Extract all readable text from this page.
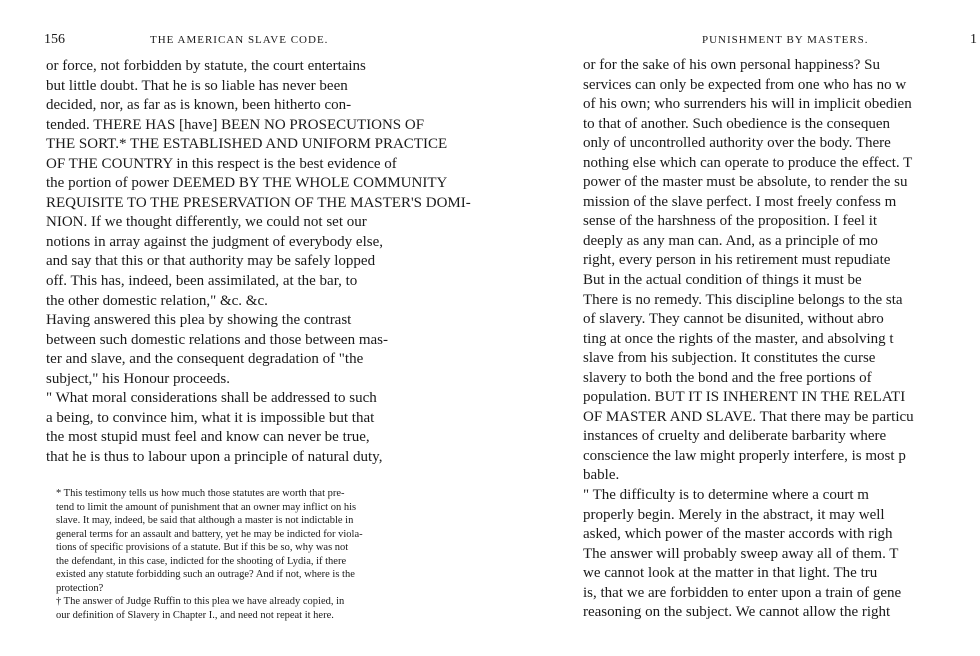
156	THE AMERICAN SLAVE CODE.
or force, not forbidden by statute, the court entertains
but little doubt. That he is so liable has never been
decided, nor, as far as is known, been hitherto con-
tended. THERE HAS [have] BEEN NO PROSECUTIONS OF
THE SORT.* THE ESTABLISHED AND UNIFORM PRACTICE
OF THE COUNTRY in this respect is the best evidence of
the portion of power DEEMED BY THE WHOLE COMMUNITY
REQUISITE TO THE PRESERVATION OF THE MASTER'S DOMI-
NION. If we thought differently, we could not set our
notions in array against the judgment of everybody else,
and say that this or that authority may be safely lopped
off. This has, indeed, been assimilated, at the bar, to
the other domestic relation," &c. &c.
Having answered this plea by showing the contrast
between such domestic relations and those between mas-
ter and slave, and the consequent degradation of "the
subject," his Honour proceeds.
" What moral considerations shall be addressed to such
a being, to convince him, what it is impossible but that
the most stupid must feel and know can never be true,
that he is thus to labour upon a principle of natural duty,
* This testimony tells us how much those statutes are worth that pre-
tend to limit the amount of punishment that an owner may inflict on his
slave. It may, indeed, be said that although a master is not indictable in
general terms for an assault and battery, yet he may be indicted for viola-
tions of specific provisions of a statute. But if this be so, why was not
the defendant, in this case, indicted for the shooting of Lydia, if there
existed any statute forbidding such an outrage? And if not, where is the
protection?
† The answer of Judge Ruffin to this plea we have already copied, in
our definition of Slavery in Chapter I., and need not repeat it here.
PUNISHMENT BY MASTERS.	1
or for the sake of his own personal happiness? Su
services can only be expected from one who has no w
of his own; who surrenders his will in implicit obedien
to that of another. Such obedience is the consequen
only of uncontrolled authority over the body. There
nothing else which can operate to produce the effect. T
power of the master must be absolute, to render the su
mission of the slave perfect. I most freely confess m
sense of the harshness of the proposition. I feel it
deeply as any man can. And, as a principle of mo
right, every person in his retirement must repudiate
But in the actual condition of things it must be
There is no remedy. This discipline belongs to the sta
of slavery. They cannot be disunited, without abro
ting at once the rights of the master, and absolving t
slave from his subjection. It constitutes the curse
slavery to both the bond and the free portions of
population. BUT IT IS INHERENT IN THE RELATI
OF MASTER AND SLAVE. That there may be particu
instances of cruelty and deliberate barbarity where
conscience the law might properly interfere, is most p
bable.
" The difficulty is to determine where a court m
properly begin. Merely in the abstract, it may well
asked, which power of the master accords with righ
The answer will probably sweep away all of them. T
we cannot look at the matter in that light. The tru
is, that we are forbidden to enter upon a train of gene
reasoning on the subject. We cannot allow the right
